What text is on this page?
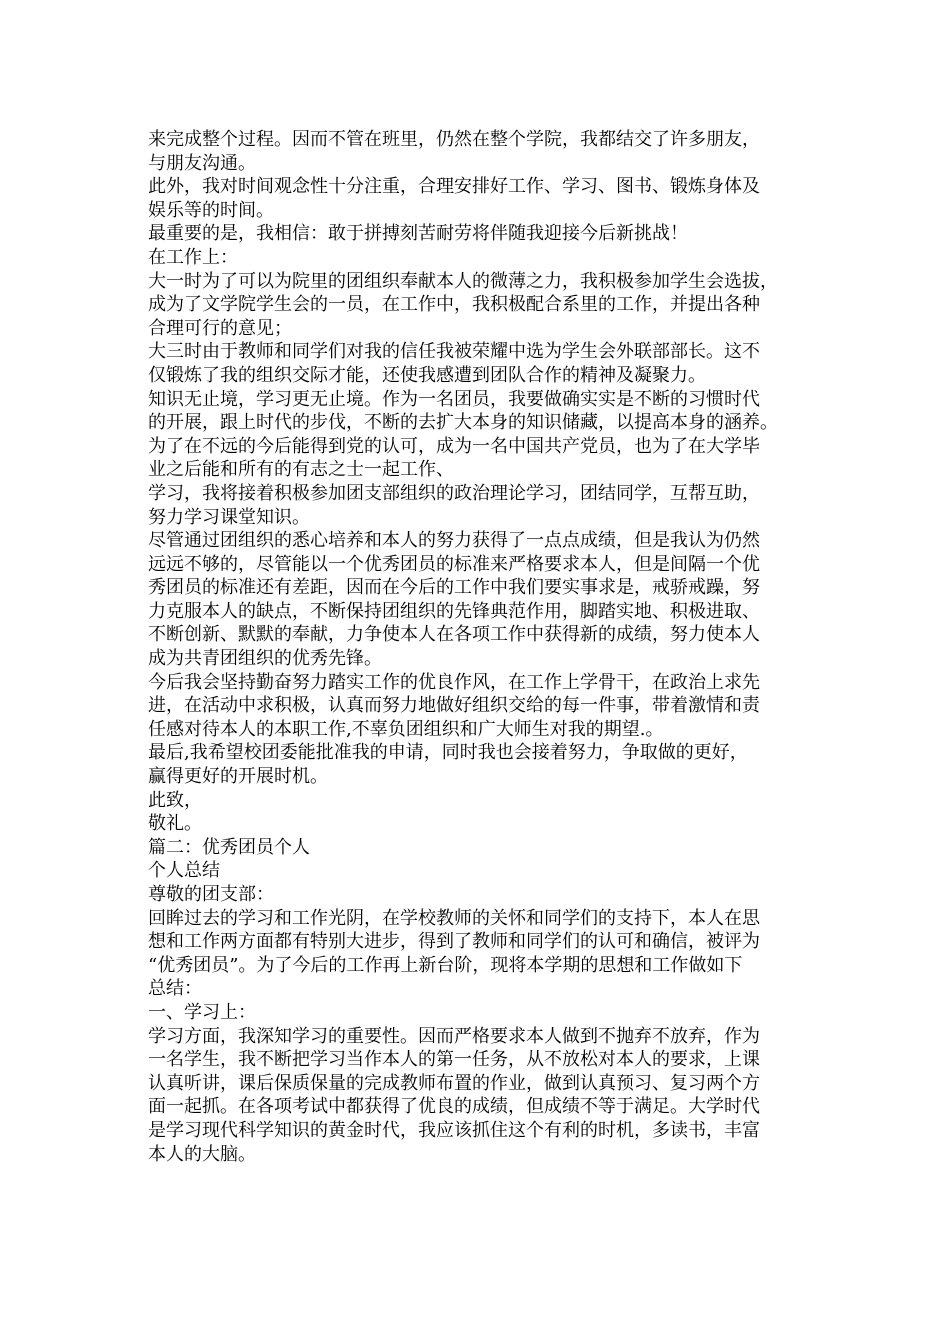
来完成整个过程。因而不管在班里，仍然在整个学院，我都结交了许多朋友，
与朋友沟通。
此外，我对时间观念性十分注重，合理安排好工作、学习、图书、锻炼身体及
娱乐等的时间。
最重要的是，我相信：敢于拼搏刻苦耐劳将伴随我迎接今后新挑战！
在工作上：
大一时为了可以为院里的团组织奉献本人的微薄之力，我积极参加学生会选拔，
成为了文学院学生会的一员，在工作中，我积极配合系里的工作，并提出各种
合理可行的意见；
大三时由于教师和同学们对我的信任我被荣耀中选为学生会外联部部长。这不
仅锻炼了我的组织交际才能，还使我感遭到团队合作的精神及凝聚力。
知识无止境，学习更无止境。作为一名团员，我要做确实实是不断的习惯时代
的开展，跟上时代的步伐，不断的去扩大本身的知识储藏，以提高本身的涵养。
为了在不远的今后能得到党的认可，成为一名中国共产党员，也为了在大学毕
业之后能和所有的有志之士一起工作、
学习，我将接着积极参加团支部组织的政治理论学习，团结同学，互帮互助，
努力学习课堂知识。
尽管通过团组织的悉心培养和本人的努力获得了一点点成绩，但是我认为仍然
远远不够的，尽管能以一个优秀团员的标准来严格要求本人，但是间隔一个优
秀团员的标准还有差距，因而在今后的工作中我们要实事求是，戒骄戒躁，努
力克服本人的缺点，不断保持团组织的先锋典范作用，脚踏实地、积极进取、
不断创新、默默的奉献，力争使本人在各项工作中获得新的成绩，努力使本人
成为共青团组织的优秀先锋。
今后我会坚持勤奋努力踏实工作的优良作风，在工作上学骨干，在政治上求先
进，在活动中求积极，认真而努力地做好组织交给的每一件事，带着激情和责
任感对待本人的本职工作,不辜负团组织和广大师生对我的期望.。
最后,我希望校团委能批准我的申请，同时我也会接着努力，争取做的更好，
赢得更好的开展时机。
此致，
敬礼。
篇二：优秀团员个人
个人总结
尊敬的团支部：
回眸过去的学习和工作光阴，在学校教师的关怀和同学们的支持下，本人在思
想和工作两方面都有特别大进步，得到了教师和同学们的认可和确信，被评为
“优秀团员”。为了今后的工作再上新台阶，现将本学期的思想和工作做如下
总结：
一、学习上：
学习方面，我深知学习的重要性。因而严格要求本人做到不抛弃不放弃，作为
一名学生，我不断把学习当作本人的第一任务，从不放松对本人的要求，上课
认真听讲，课后保质保量的完成教师布置的作业，做到认真预习、复习两个方
面一起抓。在各项考试中都获得了优良的成绩，但成绩不等于满足。大学时代
是学习现代科学知识的黄金时代，我应该抓住这个有利的时机，多读书，丰富
本人的大脑。
